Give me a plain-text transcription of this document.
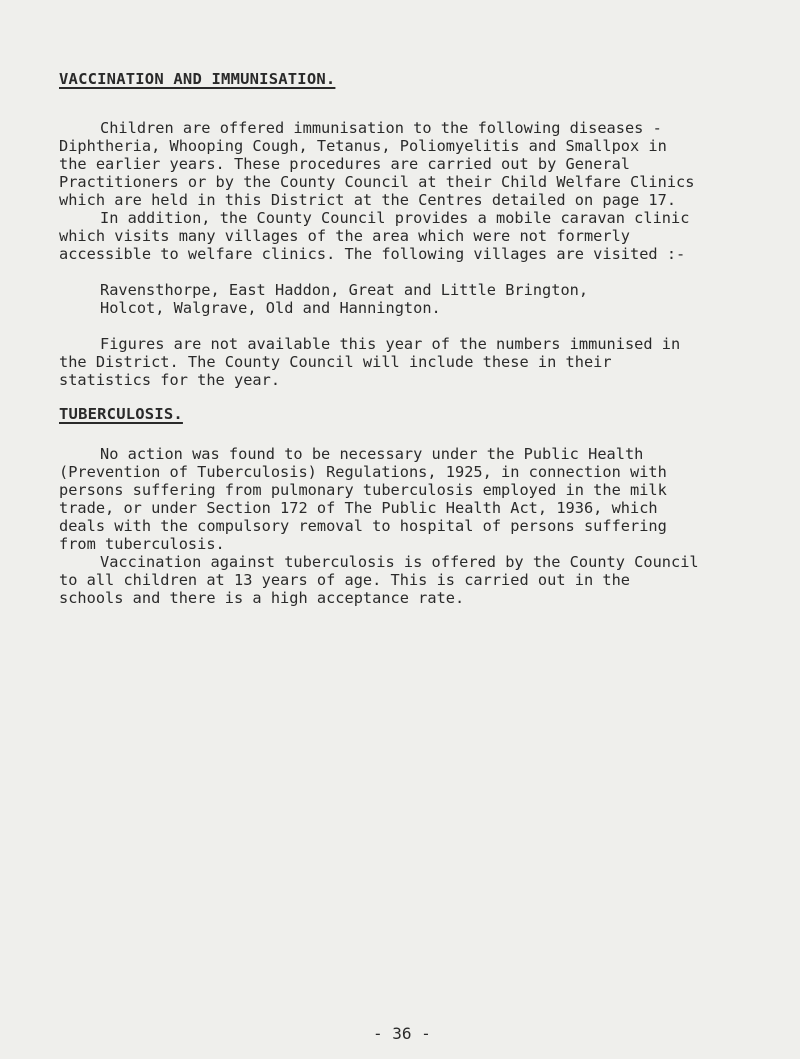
VACCINATION AND IMMUNISATION.

Children are offered immunisation to the following diseases -

Diphtheria, Whooping Cough, Tetanus, Poliomyelitis and Smallpox in

the earlier years. These procedures are carried out by General

Practitioners or by the County Council at their Child Welfare Clinics

which are held in this District at the Centres detailed on page 17.

In addition, the County Council provides a mobile caravan clinic

which visits many villages of the area which were not formerly

accessible to welfare clinics. The following villages are visited :-

Ravensthorpe, East Haddon, Great and Little Brington,

Holcot, Walgrave, Old and Hannington.

Figures are not available this year of the numbers immunised in

the District. The County Council will include these in their

statistics for the year.

TUBERCULOSIS.

No action was found to be necessary under the Public Health

(Prevention of Tuberculosis) Regulations, 1925, in connection with

persons suffering from pulmonary tuberculosis employed in the milk

trade, or under Section 172 of The Public Health Act, 1936, which

deals with the compulsory removal to hospital of persons suffering

from tuberculosis.

Vaccination against tuberculosis is offered by the County Council

to all children at 13 years of age. This is carried out in the

schools and there is a high acceptance rate.

- 36 -
